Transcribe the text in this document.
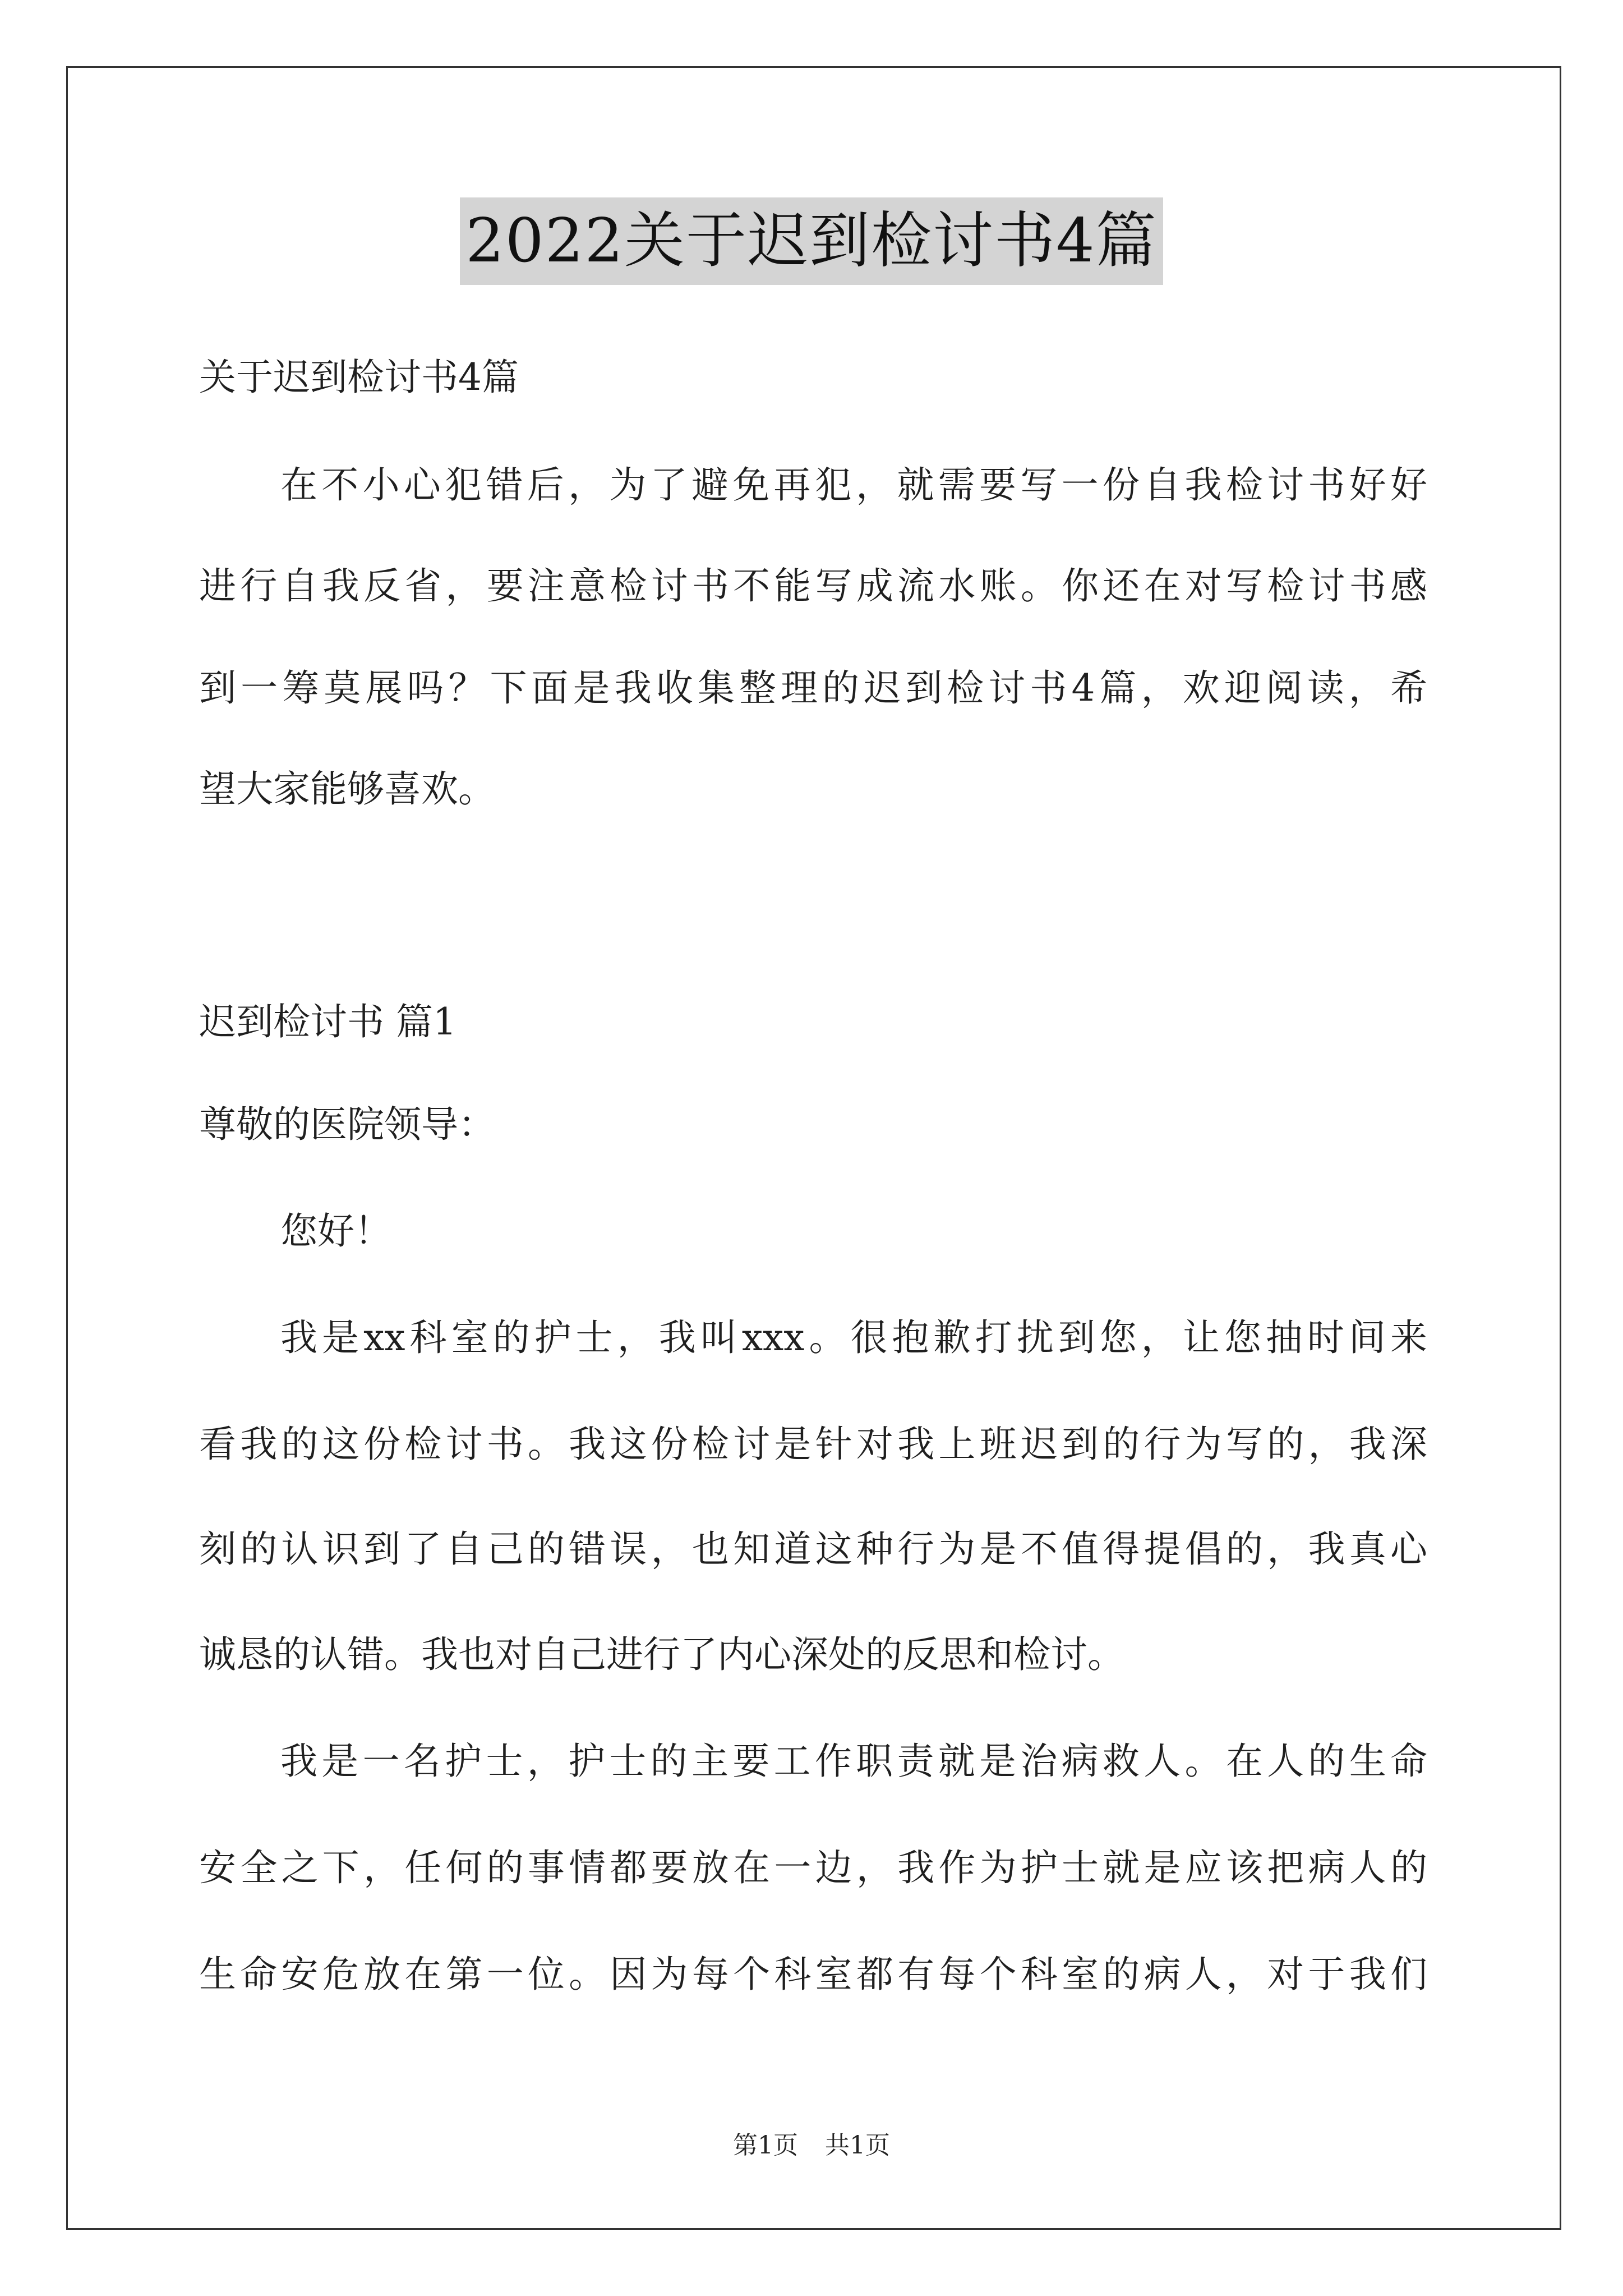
2022关于迟到检讨书4篇
关于迟到检讨书4篇
在不小心犯错后，为了避免再犯，就需要写一份自我检讨书好好
进行自我反省，要注意检讨书不能写成流水账。你还在对写检讨书感
到一筹莫展吗？下面是我收集整理的迟到检讨书4篇，欢迎阅读，希
望大家能够喜欢。
迟到检讨书 篇1
尊敬的医院领导：
您好！
我是xx科室的护士，我叫xxx。很抱歉打扰到您，让您抽时间来
看我的这份检讨书。我这份检讨是针对我上班迟到的行为写的，我深
刻的认识到了自己的错误，也知道这种行为是不值得提倡的，我真心
诚恳的认错。我也对自己进行了内心深处的反思和检讨。
我是一名护士，护士的主要工作职责就是治病救人。在人的生命
安全之下，任何的事情都要放在一边，我作为护士就是应该把病人的
生命安危放在第一位。因为每个科室都有每个科室的病人，对于我们
第1页 共1页
